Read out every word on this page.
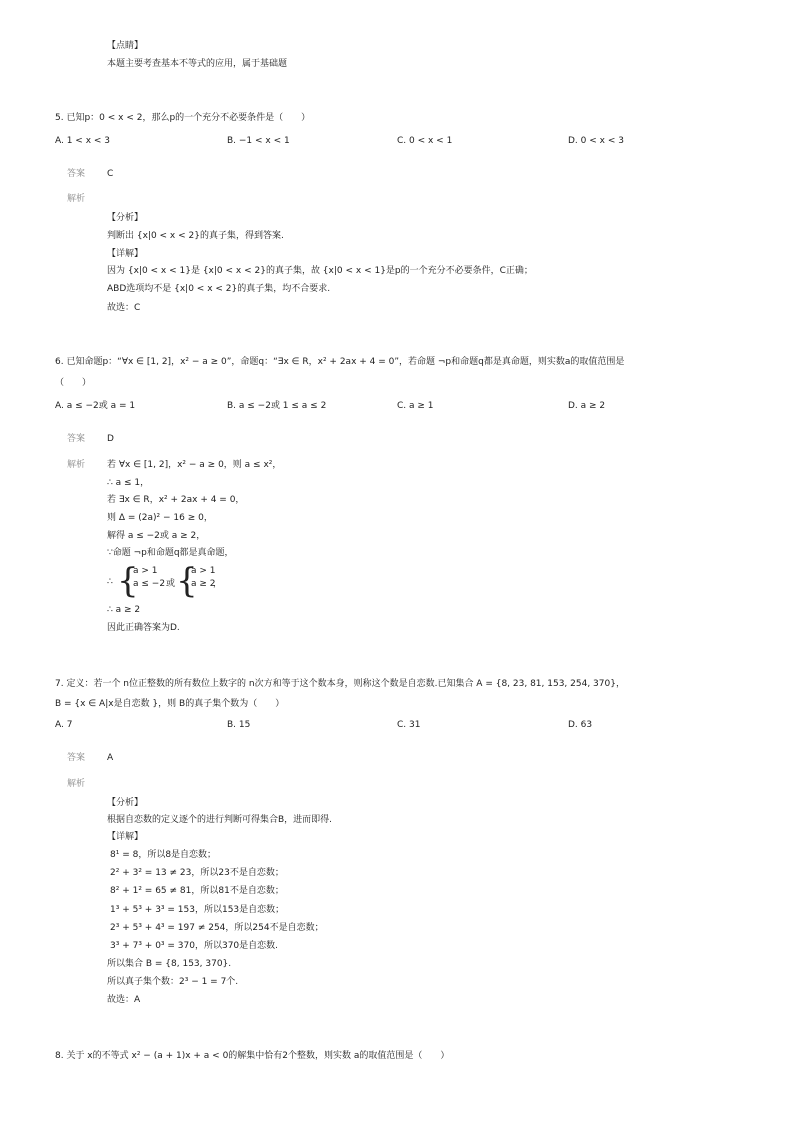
【点睛】
本题主要考查基本不等式的应用，属于基础题
5. 已知p：0 < x < 2，那么p的一个充分不必要条件是（　　）
A. 1 < x < 3	B. −1 < x < 1	C. 0 < x < 1	D. 0 < x < 3
答案 C
解析
【分析】
判断出 {x|0 < x < 2}的真子集，得到答案.
【详解】
因为 {x|0 < x < 1}是 {x|0 < x < 2}的真子集，故 {x|0 < x < 1}是p的一个充分不必要条件，C正确；
ABD选项均不是 {x|0 < x < 2}的真子集，均不合要求.
故选：C
6. 已知命题p：“∀x ∈ [1, 2]，x² − a ≥ 0”，命题q：“∃x ∈ R，x² + 2ax + 4 = 0”，若命题 ¬p和命题q都是真命题，则实数a的取值范围是
（　　）
A. a ≤ −2或 a = 1	B. a ≤ −2或 1 ≤ a ≤ 2	C. a ≥ 1	D. a ≥ 2
答案 D
解析 若 ∀x ∈ [1, 2]，x² − a ≥ 0，则 a ≤ x²，
∴ a ≤ 1，
若 ∃x ∈ R，x² + 2ax + 4 = 0，
则 Δ = (2a)² − 16 ≥ 0，
解得 a ≤ −2或 a ≥ 2，
∵命题 ¬p和命题q都是真命题，
∴ {
a > 1
a ≤ −2 或 {
a > 1
a ≥ 2
，
∴ a ≥ 2
因此正确答案为D.
7. 定义：若一个 n位正整数的所有数位上数字的 n次方和等于这个数本身，则称这个数是自恋数.已知集合 A = {8, 23, 81, 153, 254, 370}，
B = {x ∈ A|x是自恋数 }，则 B的真子集个数为（　　）
A. 7	B. 15	C. 31	D. 63
答案 A
解析
【分析】
根据自恋数的定义逐个的进行判断可得集合B，进而即得.
【详解】
8¹ = 8，所以8是自恋数；
2² + 3² = 13 ≠ 23，所以23不是自恋数；
8² + 1² = 65 ≠ 81，所以81不是自恋数；
1³ + 5³ + 3³ = 153，所以153是自恋数；
2³ + 5³ + 4³ = 197 ≠ 254，所以254不是自恋数；
3³ + 7³ + 0³ = 370，所以370是自恋数.
所以集合 B = {8, 153, 370}.
所以真子集个数：2³ − 1 = 7个.
故选：A
8. 关于 x的不等式 x² − (a + 1)x + a < 0的解集中恰有2个整数，则实数 a的取值范围是（　　）
